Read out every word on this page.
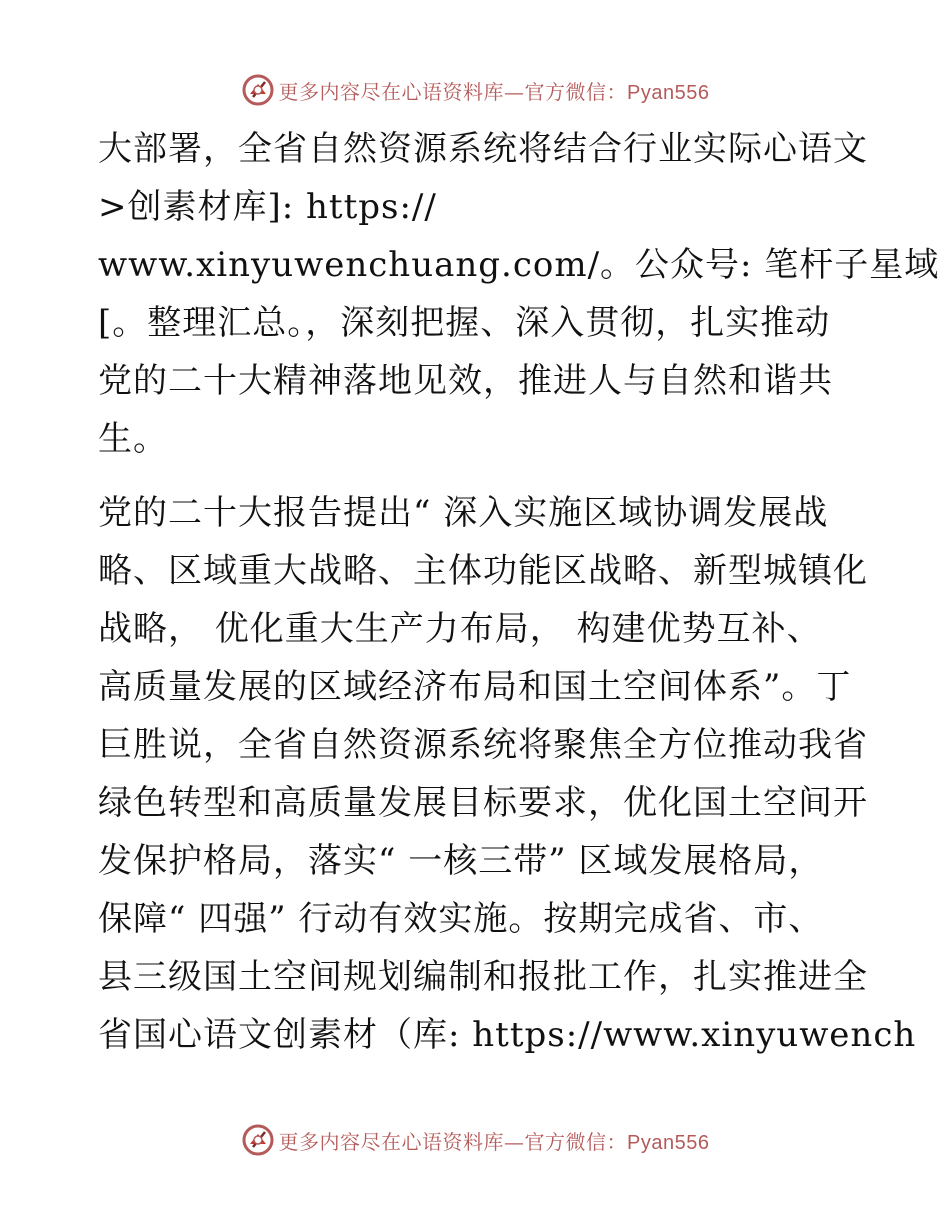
更多内容尽在心语资料库—官方微信：Pyan556
大部署，全省自然资源系统将结合行业实际心语文
>创素材库]: https://
www.xinyuwenchuang.com/。公众号: 笔杆子星域
[。整理汇总。，深刻把握、深入贯彻，扎实推动
党的二十大精神落地见效，推进人与自然和谐共
生。
党的二十大报告提出“ 深入实施区域协调发展战
略、区域重大战略、主体功能区战略、新型城镇化
战略， 优化重大生产力布局， 构建优势互补、
高质量发展的区域经济布局和国土空间体系”。丁
巨胜说，全省自然资源系统将聚焦全方位推动我省
绿色转型和高质量发展目标要求，优化国土空间开
发保护格局，落实“ 一核三带” 区域发展格局，
保障“ 四强” 行动有效实施。按期完成省、市、
县三级国土空间规划编制和报批工作，扎实推进全
省国心语文创素材（库: https://www.xinyuwench
更多内容尽在心语资料库—官方微信：Pyan556
